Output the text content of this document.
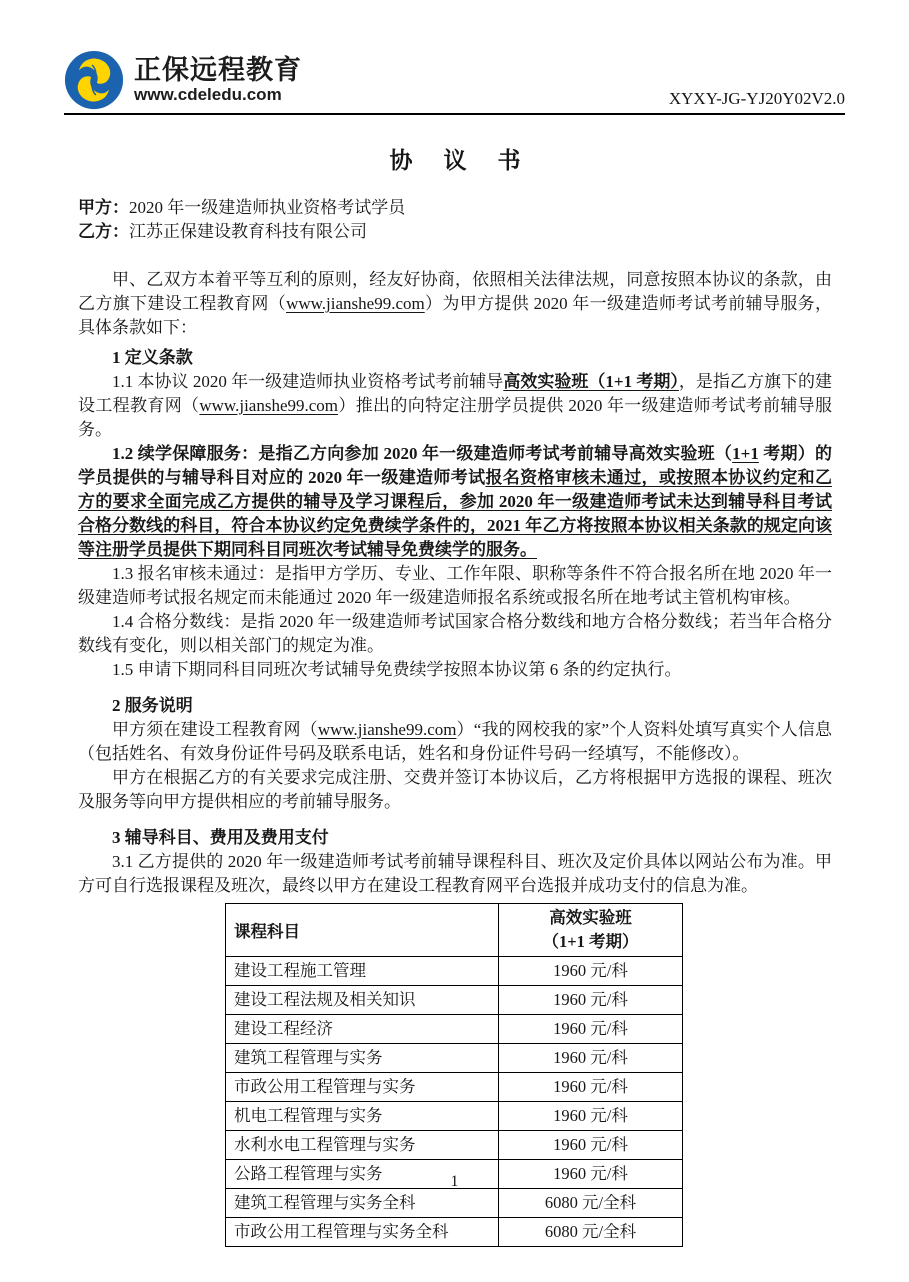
正保远程教育
www.cdeledu.com	XYXY-JG-YJ20Y02V2.0
协 议 书

甲方：2020 年一级建造师执业资格考试学员

乙方：江苏正保建设教育科技有限公司

甲、乙双方本着平等互利的原则，经友好协商，依照相关法律法规，同意按照本协议的条款，由乙方旗下建设工程教育网（www.jianshe99.com）为甲方提供 2020 年一级建造师考试考前辅导服务，具体条款如下：

1 定义条款

1.1 本协议 2020 年一级建造师执业资格考试考前辅导高效实验班（1+1 考期），是指乙方旗下的建设工程教育网（www.jianshe99.com）推出的向特定注册学员提供 2020 年一级建造师考试考前辅导服务。

1.2 续学保障服务：是指乙方向参加 2020 年一级建造师考试考前辅导高效实验班（1+1 考期）的学员提供的与辅导科目对应的 2020 年一级建造师考试报名资格审核未通过，或按照本协议约定和乙方的要求全面完成乙方提供的辅导及学习课程后，参加 2020 年一级建造师考试未达到辅导科目考试合格分数线的科目，符合本协议约定免费续学条件的，2021 年乙方将按照本协议相关条款的规定向该等注册学员提供下期同科目同班次考试辅导免费续学的服务。

1.3 报名审核未通过：是指甲方学历、专业、工作年限、职称等条件不符合报名所在地 2020 年一级建造师考试报名规定而未能通过 2020 年一级建造师报名系统或报名所在地考试主管机构审核。

1.4 合格分数线：是指 2020 年一级建造师考试国家合格分数线和地方合格分数线；若当年合格分数线有变化，则以相关部门的规定为准。

1.5 申请下期同科目同班次考试辅导免费续学按照本协议第 6 条的约定执行。

2 服务说明

甲方须在建设工程教育网（www.jianshe99.com）“我的网校我的家”个人资料处填写真实个人信息（包括姓名、有效身份证件号码及联系电话，姓名和身份证件号码一经填写，不能修改）。

甲方在根据乙方的有关要求完成注册、交费并签订本协议后，乙方将根据甲方选报的课程、班次及服务等向甲方提供相应的考前辅导服务。

3 辅导科目、费用及费用支付

3.1 乙方提供的 2020 年一级建造师考试考前辅导课程科目、班次及定价具体以网站公布为准。甲方可自行选报课程及班次，最终以甲方在建设工程教育网平台选报并成功支付的信息为准。

课程科目	高效实验班
（1+1 考期）

建设工程施工管理	1960 元/科
建设工程法规及相关知识	1960 元/科
建设工程经济	1960 元/科
建筑工程管理与实务	1960 元/科
市政公用工程管理与实务	1960 元/科
机电工程管理与实务	1960 元/科
水利水电工程管理与实务	1960 元/科
公路工程管理与实务	1960 元/科
建筑工程管理与实务全科	6080 元/全科
市政公用工程管理与实务全科	6080 元/全科
1
